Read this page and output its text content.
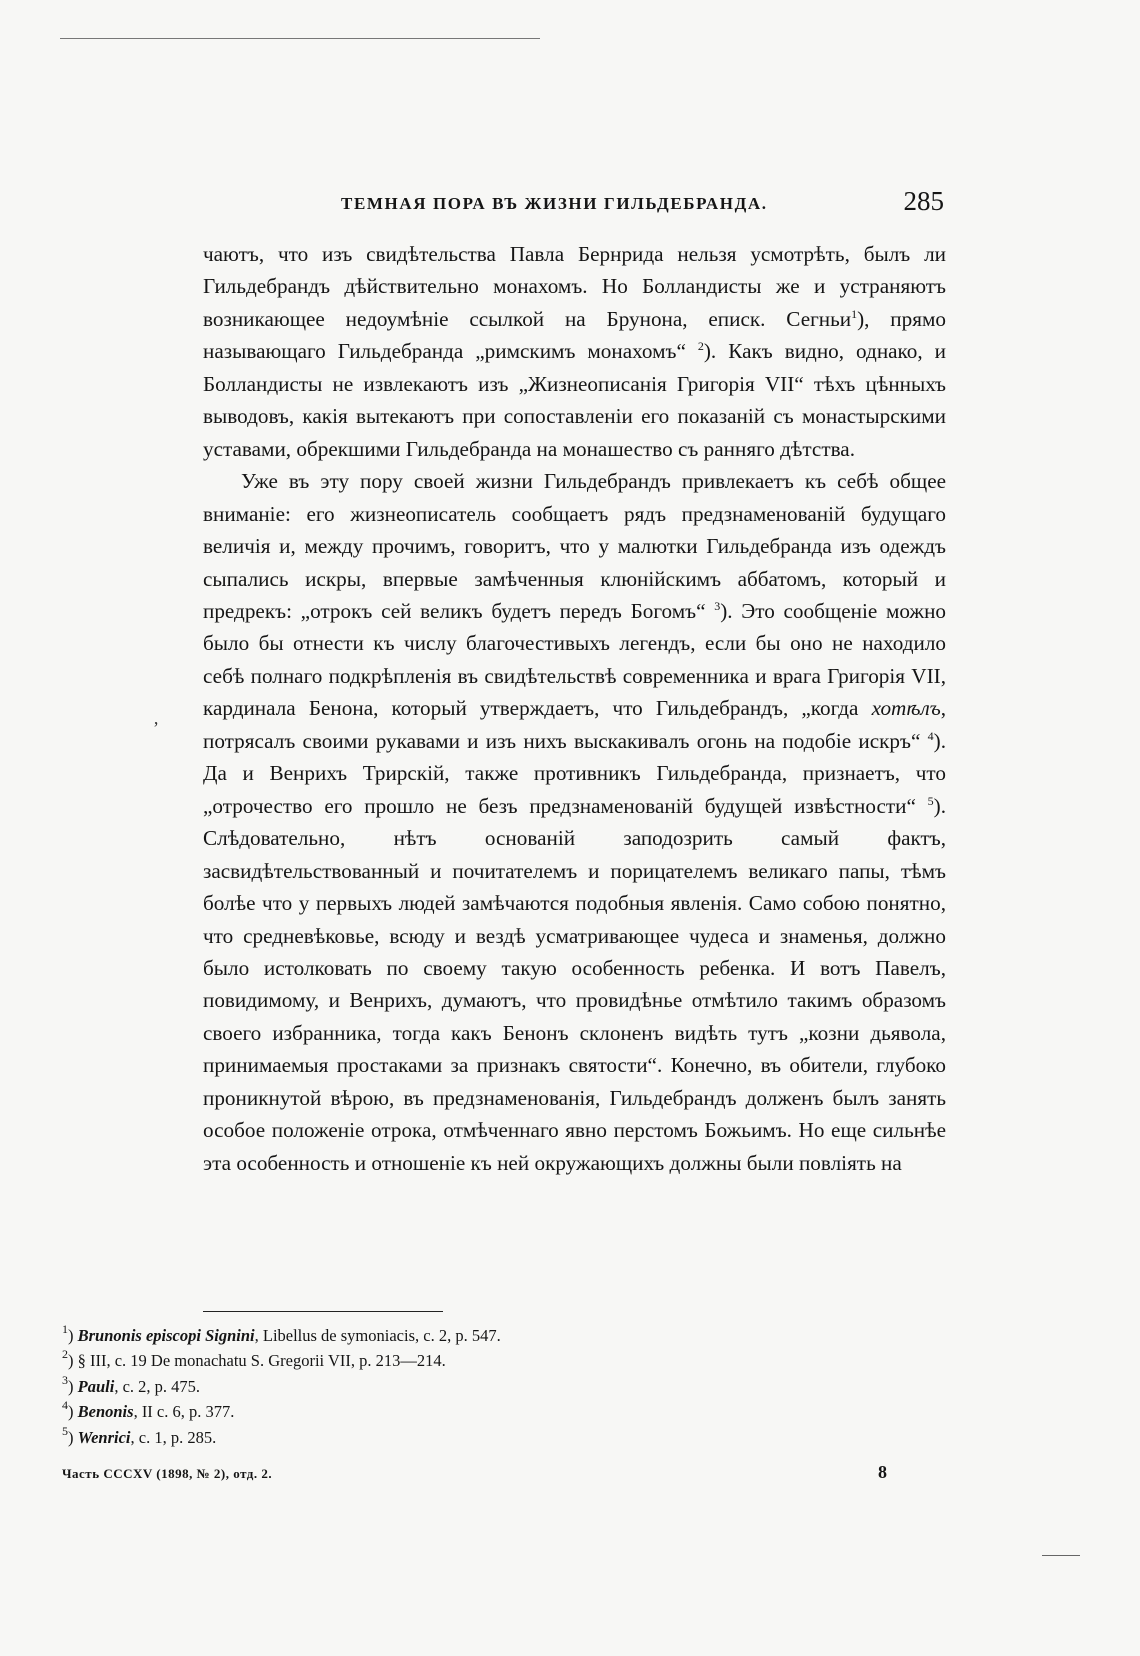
ТЕМНАЯ ПОРА ВЪ ЖИЗНИ ГИЛЬДЕБРАНДА.	285

чаютъ, что изъ свидѣтельства Павла Бернрида нельзя усмотрѣть, былъ ли Гильдебрандъ дѣйствительно монахомъ. Но Болландисты же и устраняютъ возникающее недоумѣніе ссылкой на Брунона, еписк. Сегньи$^1$), прямо называющаго Гильдебранда „римскимъ монахомъ“ $^2$). Какъ видно, однако, и Болландисты не извлекаютъ изъ „Жизнеописанія Григорія VII“ тѣхъ цѣнныхъ выводовъ, какія вытекаютъ при сопоставленіи его показаній съ монастырскими уставами, обрекшими Гильдебранда на монашество съ ранняго дѣтства.

Уже въ эту пору своей жизни Гильдебрандъ привлекаетъ къ себѣ общее вниманіе: его жизнеописатель сообщаетъ рядъ предзнаменованій будущаго величія и, между прочимъ, говоритъ, что у малютки Гильдебранда изъ одеждъ сыпались искры, впервые замѣченныя клюнійскимъ аббатомъ, который и предрекъ: „отрокъ сей великъ будетъ передъ Богомъ“ $^3$). Это сообщеніе можно было бы отнести къ числу благочестивыхъ легендъ, если бы оно не находило себѣ полнаго подкрѣпленія въ свидѣтельствѣ современника и врага Григорія VII, кардинала Бенона, который утверждаетъ, что Гильдебрандъ, „когда хотѣлъ, потрясалъ своими рукавами и изъ нихъ выскакивалъ огонь на подобіе искръ“ $^4$). Да и Венрихъ Трирскій, также противникъ Гильдебранда, признаетъ, что „отрочество его прошло не безъ предзнаменованій будущей извѣстности“ $^5$). Слѣдовательно, нѣтъ основаній заподозрить самый фактъ, засвидѣтельствованный и почитателемъ и порицателемъ великаго папы, тѣмъ болѣе что у первыхъ людей замѣчаются подобныя явленія. Само собою понятно, что средневѣковье, всюду и вездѣ усматривающее чудеса и знаменья, должно было истолковать по своему такую особенность ребенка. И вотъ Павелъ, повидимому, и Венрихъ, думаютъ, что провидѣнье отмѣтило такимъ образомъ своего избранника, тогда какъ Бенонъ склоненъ видѣть тутъ „козни дьявола, принимаемыя простаками за признакъ святости“. Конечно, въ обители, глубоко проникнутой вѣрою, въ предзнаменованія, Гильдебрандъ долженъ былъ занять особое положеніе отрока, отмѣченнаго явно перстомъ Божьимъ. Но еще сильнѣе эта особенность и отношеніе къ ней окружающихъ должны были повліять на

$^1$) Brunonis episcopi Signini, Libellus de symoniacis, c. 2, p. 547.
$^2$) § III, c. 19 De monachatu S. Gregorii VII, p. 213—214.
$^3$) Pauli, c. 2, p. 475.
$^4$) Benonis, II c. 6, p. 377.
$^5$) Wenrici, c. 1, p. 285.
Часть CCCXV (1898, № 2), отд. 2.	8
‚
